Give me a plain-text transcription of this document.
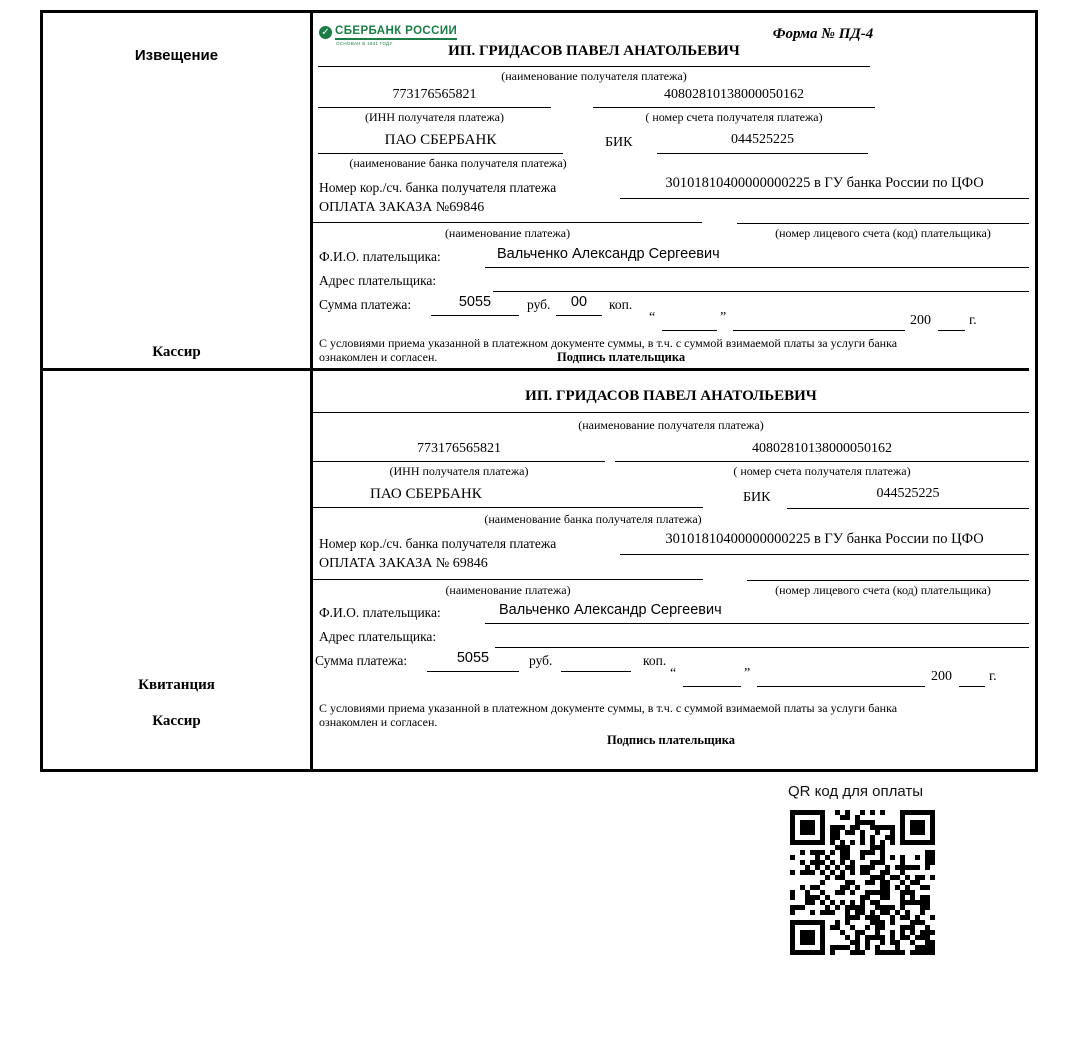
Извещение
Кассир
✓ СБЕРБАНК РОССИИ
ОСНОВАН В 1841 ГОДУ
Форма № ПД-4
ИП. ГРИДАСОВ ПАВЕЛ АНАТОЛЬЕВИЧ
(наименование получателя платежа)
773176565821	40802810138000050162
(ИНН получателя платежа)	( номер счета получателя платежа)
ПАО СБЕРБАНК	БИК	044525225
(наименование банка получателя платежа)
Номер кор./сч. банка получателя платежа	30101810400000000225 в ГУ банка России по ЦФО
ОПЛАТА ЗАКАЗА №69846
(наименование платежа)	(номер лицевого счета (код) плательщика)
Ф.И.О. плательщика:	Вальченко Александр Сергеевич
Адрес плательщика:
Сумма платежа:	5055	руб.	00	коп.
“	”	200	г.
С условиями приема указанной в платежном документе суммы, в т.ч. с суммой взимаемой платы за услуги банка
ознакомлен и согласен.	Подпись плательщика
Квитанция
Кассир
ИП. ГРИДАСОВ ПАВЕЛ АНАТОЛЬЕВИЧ
(наименование получателя платежа)
773176565821	40802810138000050162
(ИНН получателя платежа)	( номер счета получателя платежа)
ПАО СБЕРБАНК	БИК	044525225
(наименование банка получателя платежа)
Номер кор./сч. банка получателя платежа	30101810400000000225 в ГУ банка России по ЦФО
ОПЛАТА ЗАКАЗА № 69846
(наименование платежа)	(номер лицевого счета (код) плательщика)
Ф.И.О. плательщика:	Вальченко Александр Сергеевич
Адрес плательщика:
Сумма платежа:	5055	руб.	коп.
“	”	200	г.
С условиями приема указанной в платежном документе суммы, в т.ч. с суммой взимаемой платы за услуги банка
ознакомлен и согласен.
Подпись плательщика
QR код для оплаты
